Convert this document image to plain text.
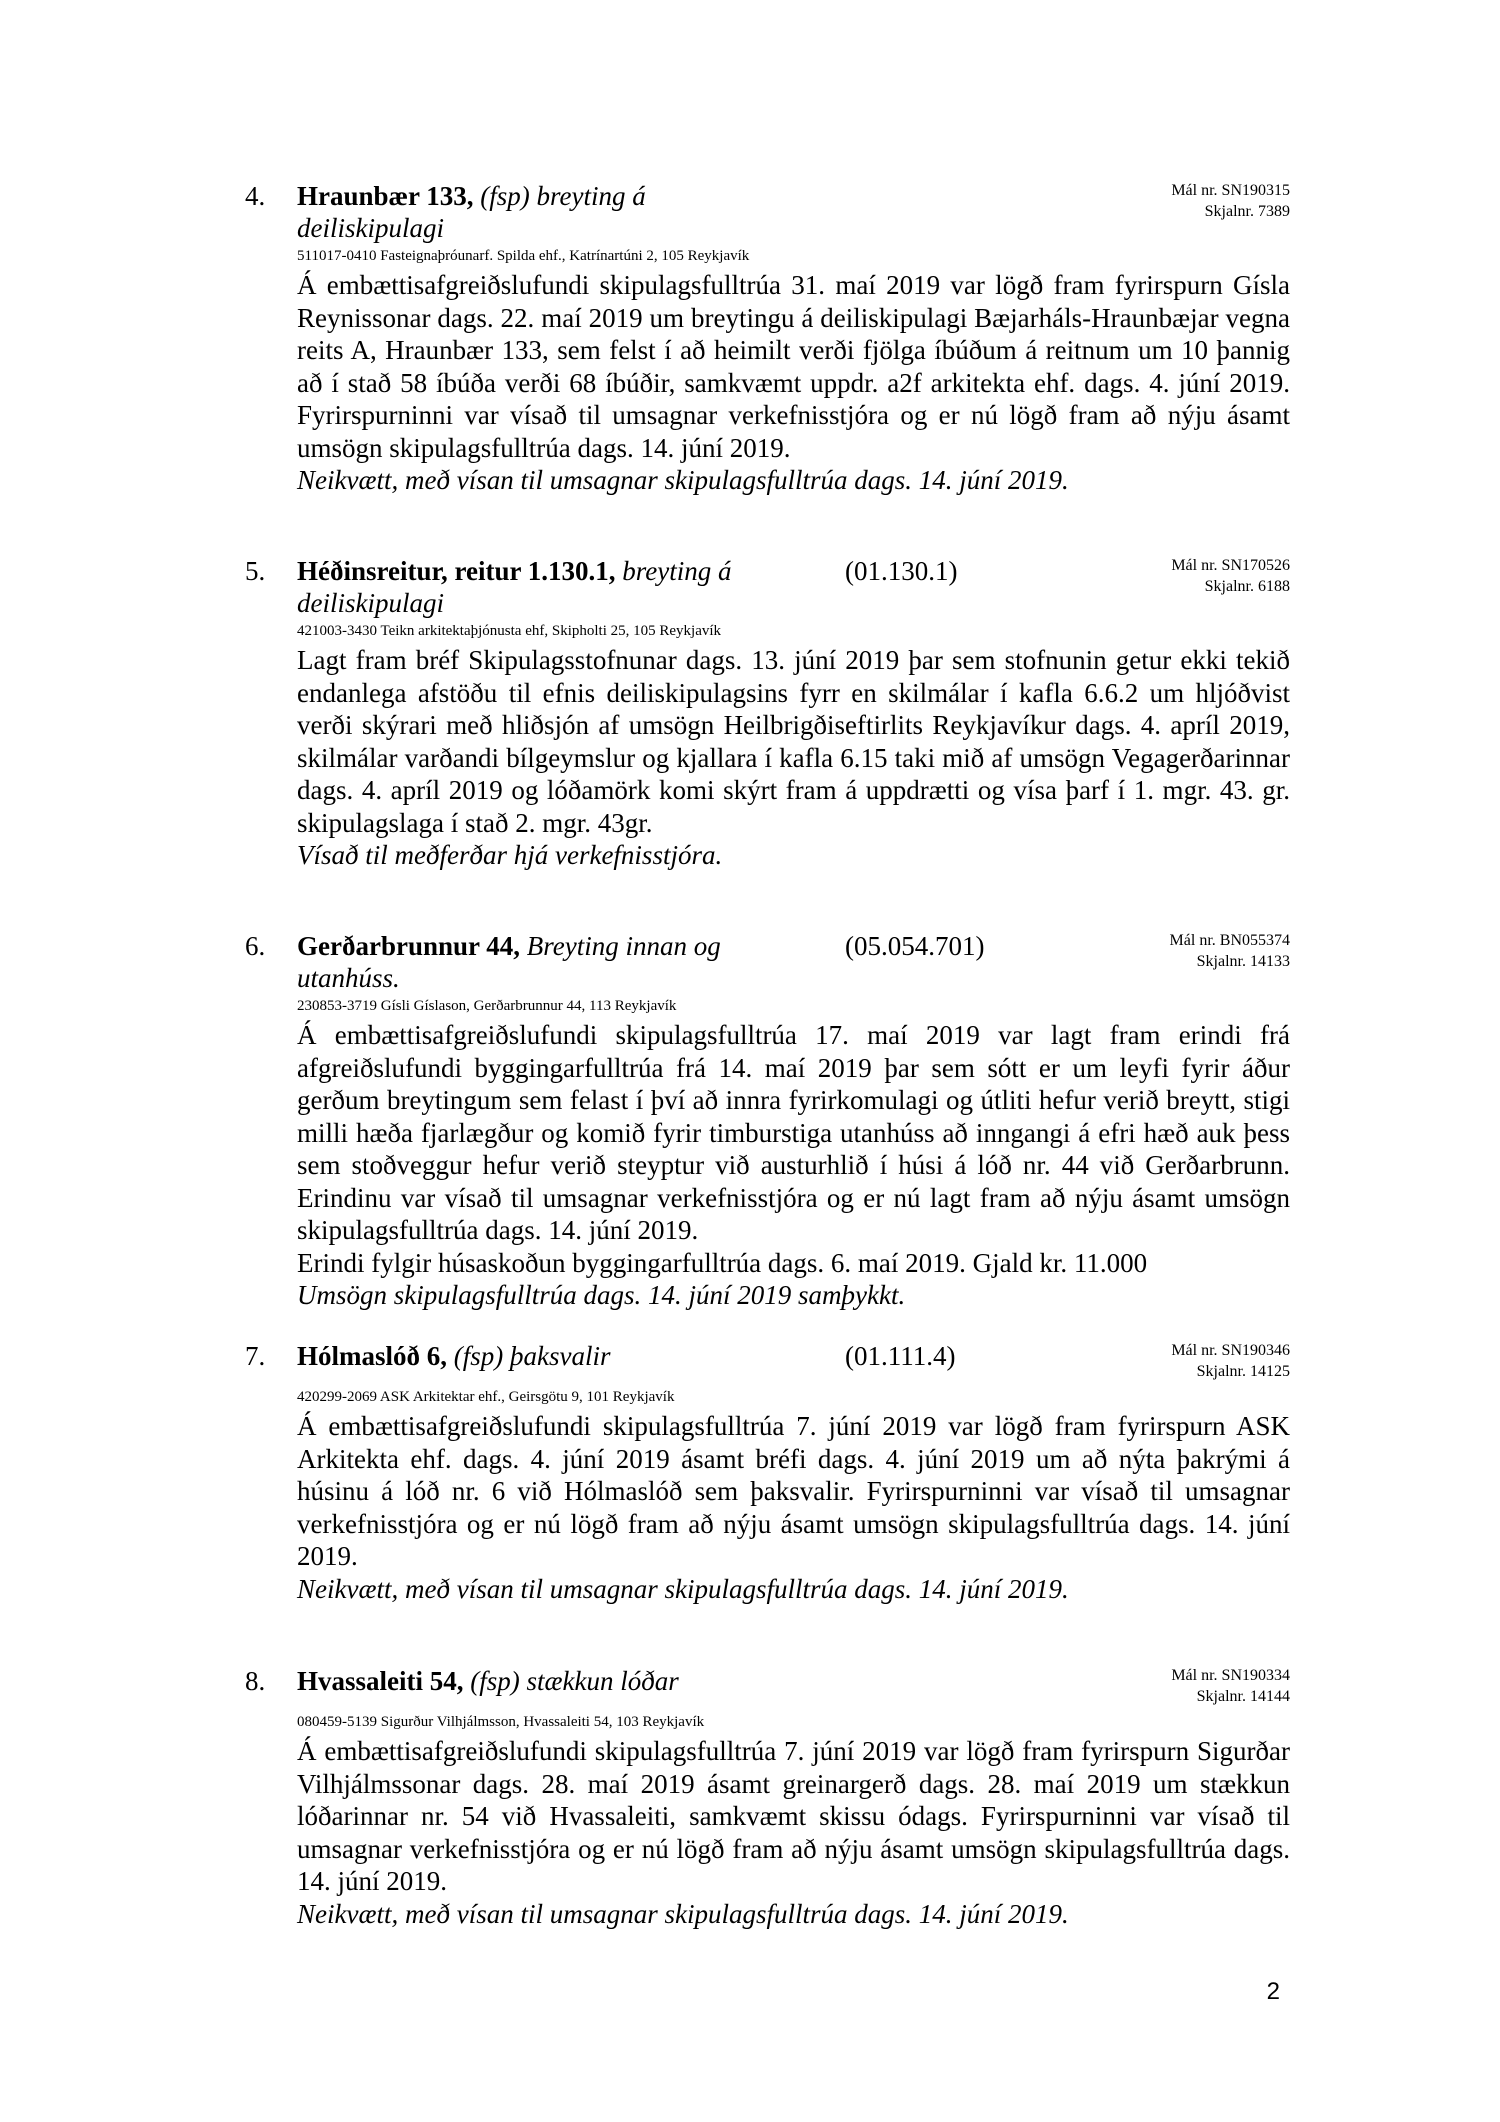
4. Hraunbær 133, (fsp) breyting á deiliskipulagi
Mál nr. SN190315
Skjalnr. 7389
511017-0410 Fasteignaþróunarf. Spilda ehf., Katrínartúni 2, 105 Reykjavík

Á embættisafgreiðslufundi skipulagsfulltrúa 31. maí 2019 var lögð fram fyrirspurn Gísla Reynissonar dags. 22. maí 2019 um breytingu á deiliskipulagi Bæjarháls-Hraunbæjar vegna reits A, Hraunbær 133, sem felst í að heimilt verði fjölga íbúðum á reitnum um 10 þannig að í stað 58 íbúða verði 68 íbúðir, samkvæmt uppdr. a2f arkitekta ehf. dags. 4. júní 2019. Fyrirspurninni var vísað til umsagnar verkefnisstjóra og er nú lögð fram að nýju ásamt umsögn skipulagsfulltrúa dags. 14. júní 2019.

Neikvætt, með vísan til umsagnar skipulagsfulltrúa dags. 14. júní 2019.

5. Héðinsreitur, reitur 1.130.1, breyting á deiliskipulagi
(01.130.1)	Mál nr. SN170526
Skjalnr. 6188
421003-3430 Teikn arkitektaþjónusta ehf, Skipholti 25, 105 Reykjavík

Lagt fram bréf Skipulagsstofnunar dags. 13. júní 2019 þar sem stofnunin getur ekki tekið endanlega afstöðu til efnis deiliskipulagsins fyrr en skilmálar í kafla 6.6.2 um hljóðvist verði skýrari með hliðsjón af umsögn Heilbrigðiseftirlits Reykjavíkur dags. 4. apríl 2019, skilmálar varðandi bílgeymslur og kjallara í kafla 6.15 taki mið af umsögn Vegagerðarinnar dags. 4. apríl 2019 og lóðamörk komi skýrt fram á uppdrætti og vísa þarf í 1. mgr. 43. gr. skipulagslaga í stað 2. mgr. 43gr.

Vísað til meðferðar hjá verkefnisstjóra.

6. Gerðarbrunnur 44, Breyting innan og utanhúss.
(05.054.701)	Mál nr. BN055374
Skjalnr. 14133
230853-3719 Gísli Gíslason, Gerðarbrunnur 44, 113 Reykjavík

Á embættisafgreiðslufundi skipulagsfulltrúa 17. maí 2019 var lagt fram erindi frá afgreiðslufundi byggingarfulltrúa frá 14. maí 2019 þar sem sótt er um leyfi fyrir áður gerðum breytingum sem felast í því að innra fyrirkomulagi og útliti hefur verið breytt, stigi milli hæða fjarlægður og komið fyrir timburstiga utanhúss að inngangi á efri hæð auk þess sem stoðveggur hefur verið steyptur við austurhlið í húsi á lóð nr. 44 við Gerðarbrunn. Erindinu var vísað til umsagnar verkefnisstjóra og er nú lagt fram að nýju ásamt umsögn skipulagsfulltrúa dags. 14. júní 2019.

Erindi fylgir húsaskoðun byggingarfulltrúa dags. 6. maí 2019. Gjald kr. 11.000

Umsögn skipulagsfulltrúa dags. 14. júní 2019 samþykkt.

7. Hólmaslóð 6, (fsp) þaksvalir	(01.111.4)	Mál nr. SN190346
Skjalnr. 14125
420299-2069 ASK Arkitektar ehf., Geirsgötu 9, 101 Reykjavík

Á embættisafgreiðslufundi skipulagsfulltrúa 7. júní 2019 var lögð fram fyrirspurn ASK Arkitekta ehf. dags. 4. júní 2019 ásamt bréfi dags. 4. júní 2019 um að nýta þakrými á húsinu á lóð nr. 6 við Hólmaslóð sem þaksvalir. Fyrirspurninni var vísað til umsagnar verkefnisstjóra og er nú lögð fram að nýju ásamt umsögn skipulagsfulltrúa dags. 14. júní 2019.

Neikvætt, með vísan til umsagnar skipulagsfulltrúa dags. 14. júní 2019.

8. Hvassaleiti 54, (fsp) stækkun lóðar	Mál nr. SN190334
Skjalnr. 14144
080459-5139 Sigurður Vilhjálmsson, Hvassaleiti 54, 103 Reykjavík

Á embættisafgreiðslufundi skipulagsfulltrúa 7. júní 2019 var lögð fram fyrirspurn Sigurðar Vilhjálmssonar dags. 28. maí 2019 ásamt greinargerð dags. 28. maí 2019 um stækkun lóðarinnar nr. 54 við Hvassaleiti, samkvæmt skissu ódags. Fyrirspurninni var vísað til umsagnar verkefnisstjóra og er nú lögð fram að nýju ásamt umsögn skipulagsfulltrúa dags. 14. júní 2019.

Neikvætt, með vísan til umsagnar skipulagsfulltrúa dags. 14. júní 2019.

2
